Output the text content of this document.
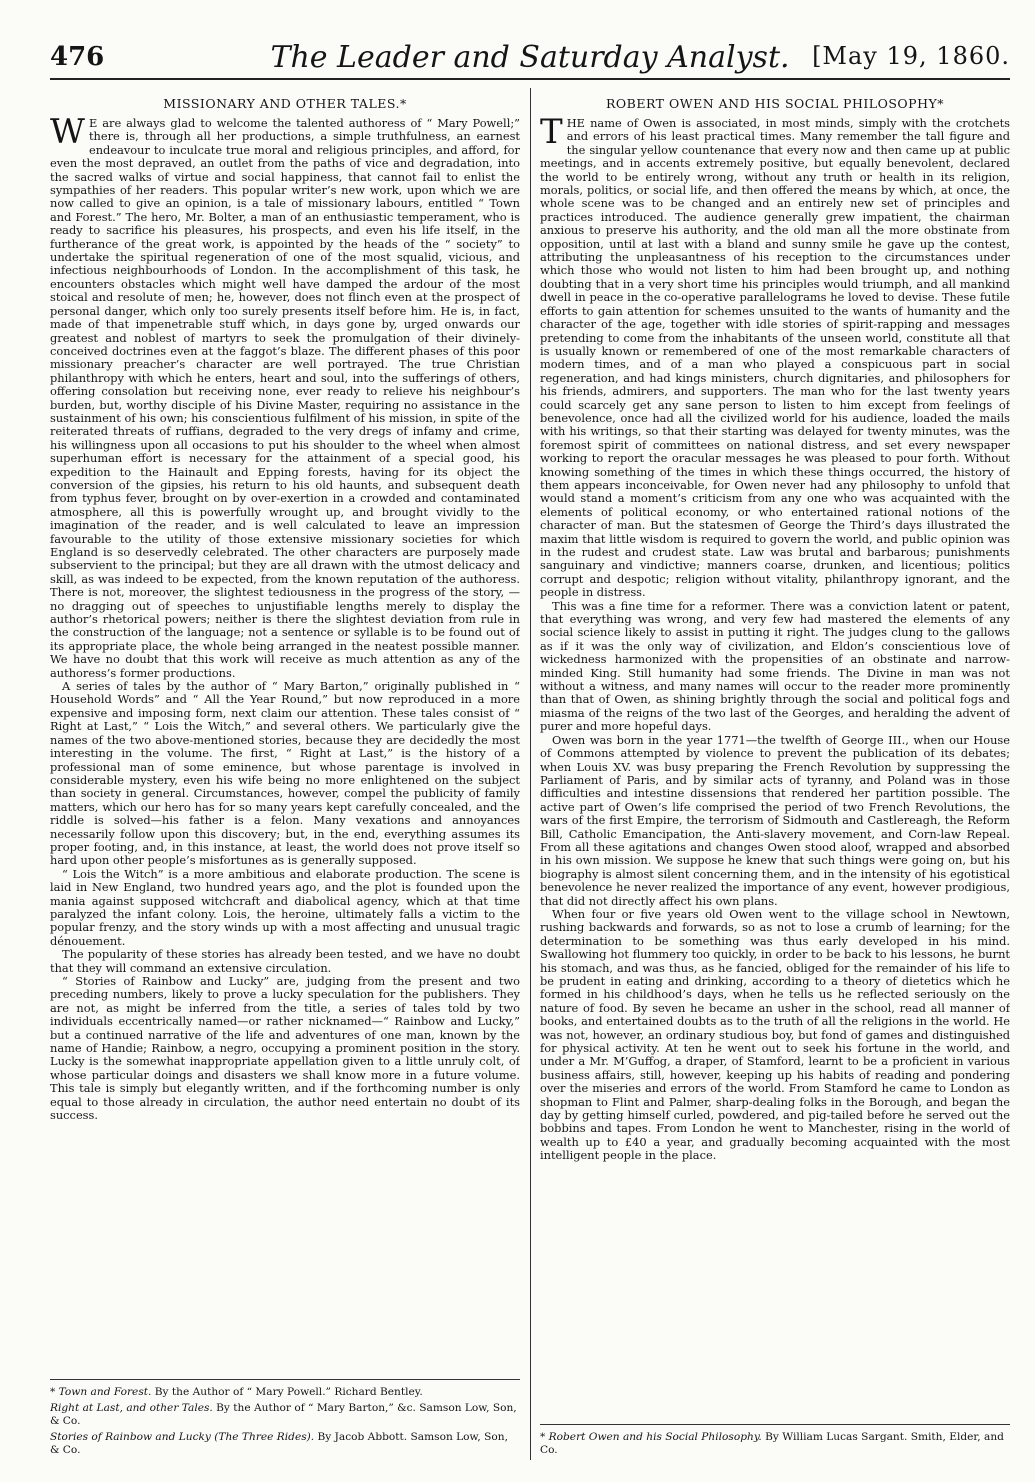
476	The Leader and Saturday Analyst. [May 19, 1860.
MISSIONARY AND OTHER TALES.*

W E are always glad to welcome the talented authoress of “ Mary Powell;” there is, through all her productions, a simple truthfulness, an earnest endeavour to inculcate true moral and religious principles, and afford, for even the most depraved, an outlet from the paths of vice and degradation, into the sacred walks of virtue and social happiness, that cannot fail to enlist the sympathies of her readers. This popular writer’s new work, upon which we are now called to give an opinion, is a tale of missionary labours, entitled “ Town and Forest.” The hero, Mr. Bolter, a man of an enthusiastic temperament, who is ready to sacrifice his pleasures, his prospects, and even his life itself, in the furtherance of the great work, is appointed by the heads of the “ society” to undertake the spiritual regeneration of one of the most squalid, vicious, and infectious neighbourhoods of London. In the accomplishment of this task, he encounters obstacles which might well have damped the ardour of the most stoical and resolute of men; he, however, does not flinch even at the prospect of personal danger, which only too surely presents itself before him. He is, in fact, made of that impenetrable stuff which, in days gone by, urged onwards our greatest and noblest of martyrs to seek the promulgation of their divinely-conceived doctrines even at the faggot’s blaze. The different phases of this poor missionary preacher’s character are well portrayed. The true Christian philanthropy with which he enters, heart and soul, into the sufferings of others, offering consolation but receiving none, ever ready to relieve his neighbour’s burden, but, worthy disciple of his Divine Master, requiring no assistance in the sustainment of his own; his conscientious fulfilment of his mission, in spite of the reiterated threats of ruffians, degraded to the very dregs of infamy and crime, his willingness upon all occasions to put his shoulder to the wheel when almost superhuman effort is necessary for the attainment of a special good, his expedition to the Hainault and Epping forests, having for its object the conversion of the gipsies, his return to his old haunts, and subsequent death from typhus fever, brought on by over-exertion in a crowded and contaminated atmosphere, all this is powerfully wrought up, and brought vividly to the imagination of the reader, and is well calculated to leave an impression favourable to the utility of those extensive missionary societies for which England is so deservedly celebrated. The other characters are purposely made subservient to the principal; but they are all drawn with the utmost delicacy and skill, as was indeed to be expected, from the known reputation of the authoress. There is not, moreover, the slightest tediousness in the progress of the story, — no dragging out of speeches to unjustifiable lengths merely to display the author’s rhetorical powers; neither is there the slightest deviation from rule in the construction of the language; not a sentence or syllable is to be found out of its appropriate place, the whole being arranged in the neatest possible manner. We have no doubt that this work will receive as much attention as any of the authoress’s former productions.

A series of tales by the author of “ Mary Barton,” originally published in “ Household Words” and “ All the Year Round,” but now reproduced in a more expensive and imposing form, next claim our attention. These tales consist of “ Right at Last,” “ Lois the Witch,” and several others. We particularly give the names of the two above-mentioned stories, because they are decidedly the most interesting in the volume. The first, “ Right at Last,” is the history of a professional man of some eminence, but whose parentage is involved in considerable mystery, even his wife being no more enlightened on the subject than society in general. Circumstances, however, compel the publicity of family matters, which our hero has for so many years kept carefully concealed, and the riddle is solved—his father is a felon. Many vexations and annoyances necessarily follow upon this discovery; but, in the end, everything assumes its proper footing, and, in this instance, at least, the world does not prove itself so hard upon other people’s misfortunes as is generally supposed.

“ Lois the Witch” is a more ambitious and elaborate production. The scene is laid in New England, two hundred years ago, and the plot is founded upon the mania against supposed witchcraft and diabolical agency, which at that time paralyzed the infant colony. Lois, the heroine, ultimately falls a victim to the popular frenzy, and the story winds up with a most affecting and unusual tragic dénouement.

The popularity of these stories has already been tested, and we have no doubt that they will command an extensive circulation.

“ Stories of Rainbow and Lucky” are, judging from the present and two preceding numbers, likely to prove a lucky speculation for the publishers. They are not, as might be inferred from the title, a series of tales told by two individuals eccentrically named—or rather nicknamed—“ Rainbow and Lucky,” but a continued narrative of the life and adventures of one man, known by the name of Handie; Rainbow, a negro, occupying a prominent position in the story. Lucky is the somewhat inappropriate appellation given to a little unruly colt, of whose particular doings and disasters we shall know more in a future volume. This tale is simply but elegantly written, and if the forthcoming number is only equal to those already in circulation, the author need entertain no doubt of its success.

* Town and Forest. By the Author of “ Mary Powell.” Richard Bentley.
Right at Last, and other Tales. By the Author of “ Mary Barton,” &c. Samson Low, Son, & Co.
Stories of Rainbow and Lucky (The Three Rides). By Jacob Abbott. Samson Low, Son, & Co.
ROBERT OWEN AND HIS SOCIAL PHILOSOPHY*

THE name of Owen is associated, in most minds, simply with the crotchets and errors of his least practical times. Many remember the tall figure and the singular yellow countenance that every now and then came up at public meetings, and in accents extremely positive, but equally benevolent, declared the world to be entirely wrong, without any truth or health in its religion, morals, politics, or social life, and then offered the means by which, at once, the whole scene was to be changed and an entirely new set of principles and practices introduced. The audience generally grew impatient, the chairman anxious to preserve his authority, and the old man all the more obstinate from opposition, until at last with a bland and sunny smile he gave up the contest, attributing the unpleasantness of his reception to the circumstances under which those who would not listen to him had been brought up, and nothing doubting that in a very short time his principles would triumph, and all mankind dwell in peace in the co-operative parallelograms he loved to devise. These futile efforts to gain attention for schemes unsuited to the wants of humanity and the character of the age, together with idle stories of spirit-rapping and messages pretending to come from the inhabitants of the unseen world, constitute all that is usually known or remembered of one of the most remarkable characters of modern times, and of a man who played a conspicuous part in social regeneration, and had kings ministers, church dignitaries, and philosophers for his friends, admirers, and supporters. The man who for the last twenty years could scarcely get any sane person to listen to him except from feelings of benevolence, once had all the civilized world for his audience, loaded the mails with his writings, so that their starting was delayed for twenty minutes, was the foremost spirit of committees on national distress, and set every newspaper working to report the oracular messages he was pleased to pour forth. Without knowing something of the times in which these things occurred, the history of them appears inconceivable, for Owen never had any philosophy to unfold that would stand a moment’s criticism from any one who was acquainted with the elements of political economy, or who entertained rational notions of the character of man. But the statesmen of George the Third’s days illustrated the maxim that little wisdom is required to govern the world, and public opinion was in the rudest and crudest state. Law was brutal and barbarous; punishments sanguinary and vindictive; manners coarse, drunken, and licentious; politics corrupt and despotic; religion without vitality, philanthropy ignorant, and the people in distress.

This was a fine time for a reformer. There was a conviction latent or patent, that everything was wrong, and very few had mastered the elements of any social science likely to assist in putting it right. The judges clung to the gallows as if it was the only way of civilization, and Eldon’s conscientious love of wickedness harmonized with the propensities of an obstinate and narrow-minded King. Still humanity had some friends. The Divine in man was not without a witness, and many names will occur to the reader more prominently than that of Owen, as shining brightly through the social and political fogs and miasma of the reigns of the two last of the Georges, and heralding the advent of purer and more hopeful days.

Owen was born in the year 1771—the twelfth of George III., when our House of Commons attempted by violence to prevent the publication of its debates; when Louis XV. was busy preparing the French Revolution by suppressing the Parliament of Paris, and by similar acts of tyranny, and Poland was in those difficulties and intestine dissensions that rendered her partition possible. The active part of Owen’s life comprised the period of two French Revolutions, the wars of the first Empire, the terrorism of Sidmouth and Castlereagh, the Reform Bill, Catholic Emancipation, the Anti-slavery movement, and Corn-law Repeal. From all these agitations and changes Owen stood aloof, wrapped and absorbed in his own mission. We suppose he knew that such things were going on, but his biography is almost silent concerning them, and in the intensity of his egotistical benevolence he never realized the importance of any event, however prodigious, that did not directly affect his own plans.

When four or five years old Owen went to the village school in Newtown, rushing backwards and forwards, so as not to lose a crumb of learning; for the determination to be something was thus early developed in his mind. Swallowing hot flummery too quickly, in order to be back to his lessons, he burnt his stomach, and was thus, as he fancied, obliged for the remainder of his life to be prudent in eating and drinking, according to a theory of dietetics which he formed in his childhood’s days, when he tells us he reflected seriously on the nature of food. By seven he became an usher in the school, read all manner of books, and entertained doubts as to the truth of all the religions in the world. He was not, however, an ordinary studious boy, but fond of games and distinguished for physical activity. At ten he went out to seek his fortune in the world, and under a Mr. M’Guffog, a draper, of Stamford, learnt to be a proficient in various business affairs, still, however, keeping up his habits of reading and pondering over the miseries and errors of the world. From Stamford he came to London as shopman to Flint and Palmer, sharp-dealing folks in the Borough, and began the day by getting himself curled, powdered, and pig-tailed before he served out the bobbins and tapes. From London he went to Manchester, rising in the world of wealth up to £40 a year, and gradually becoming acquainted with the most intelligent people in the place.

* Robert Owen and his Social Philosophy. By William Lucas Sargant. Smith, Elder, and Co.
